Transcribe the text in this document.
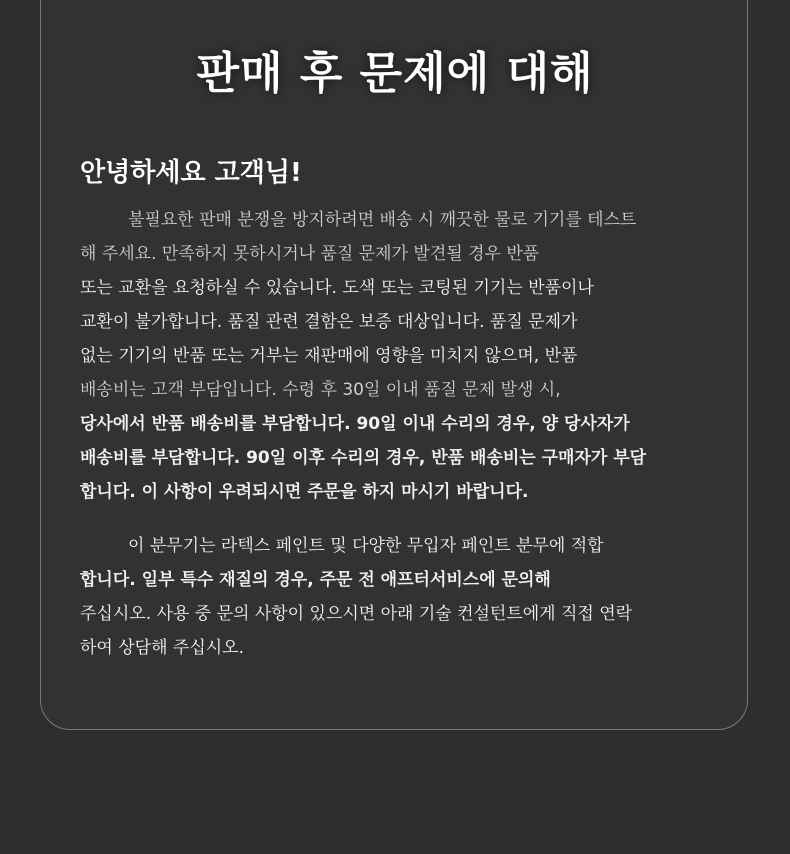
판매 후 문제에 대해
안녕하세요 고객님!
불필요한 판매 분쟁을 방지하려면 배송 시 깨끗한 물로 기기를 테스트
해 주세요. 만족하지 못하시거나 품질 문제가 발견될 경우 반품
또는 교환을 요청하실 수 있습니다. 도색 또는 코팅된 기기는 반품이나
교환이 불가합니다. 품질 관련 결함은 보증 대상입니다. 품질 문제가
없는 기기의 반품 또는 거부는 재판매에 영향을 미치지 않으며, 반품
배송비는 고객 부담입니다. 수령 후 30일 이내 품질 문제 발생 시,
당사에서 반품 배송비를 부담합니다. 90일 이내 수리의 경우, 양 당사자가
배송비를 부담합니다. 90일 이후 수리의 경우, 반품 배송비는 구매자가 부담
합니다. 이 사항이 우려되시면 주문을 하지 마시기 바랍니다.
이 분무기는 라텍스 페인트 및 다양한 무입자 페인트 분무에 적합
합니다. 일부 특수 재질의 경우, 주문 전 애프터서비스에 문의해
주십시오. 사용 중 문의 사항이 있으시면 아래 기술 컨설턴트에게 직접 연락
하여 상담해 주십시오.
